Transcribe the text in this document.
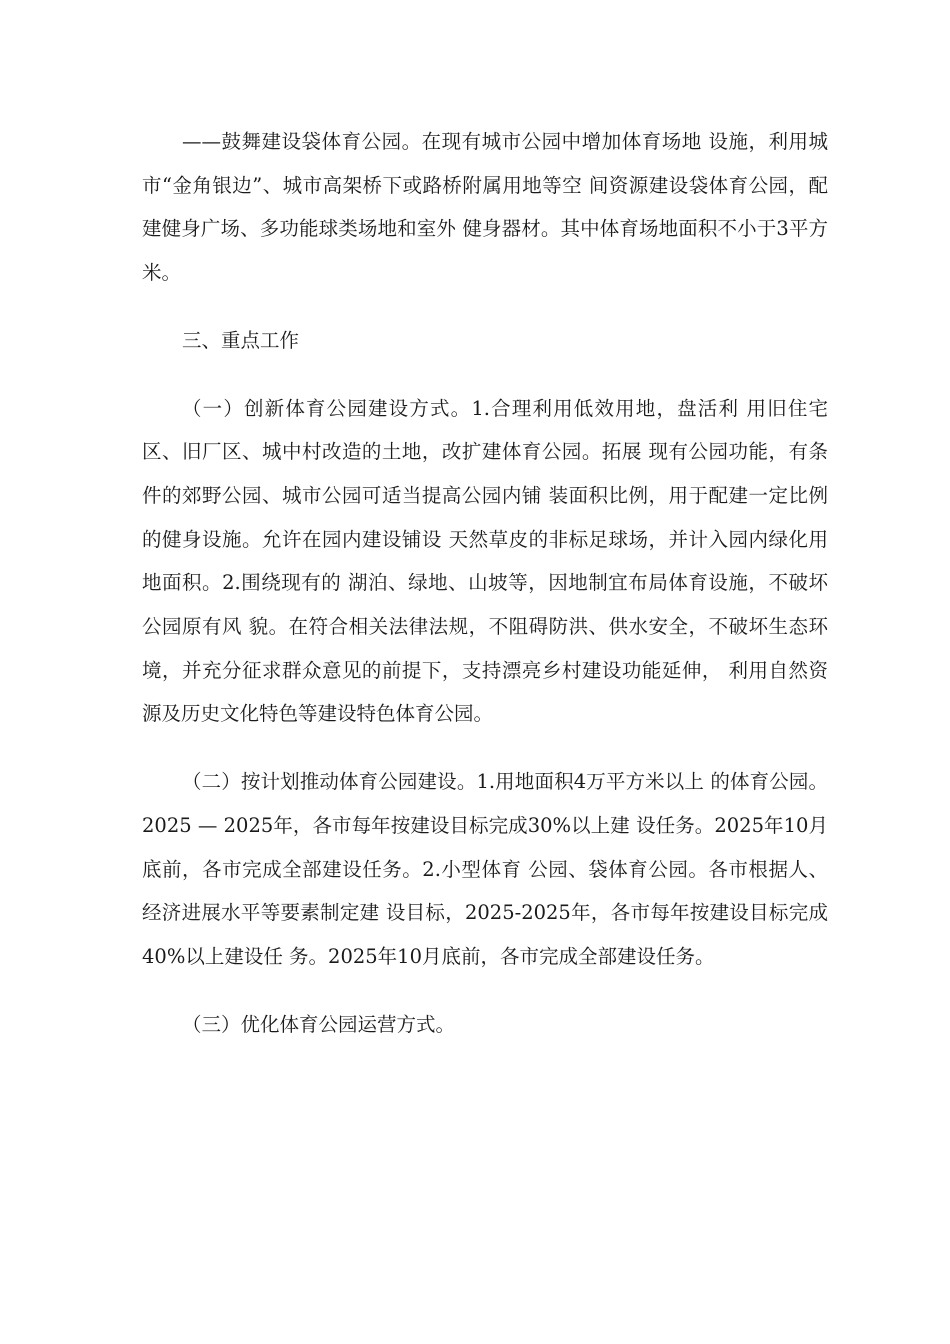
——鼓舞建设袋体育公园。在现有城市公园中增加体育场地 设施，利用城市“金角银边”、城市高架桥下或路桥附属用地等空 间资源建设袋体育公园，配建健身广场、多功能球类场地和室外 健身器材。其中体育场地面积不小于3平方米。

三、重点工作

（一）创新体育公园建设方式。1.合理利用低效用地，盘活利 用旧住宅区、旧厂区、城中村改造的土地，改扩建体育公园。拓展 现有公园功能，有条件的郊野公园、城市公园可适当提高公园内铺 装面积比例，用于配建一定比例的健身设施。允许在园内建设铺设 天然草皮的非标足球场，并计入园内绿化用地面积。2.围绕现有的 湖泊、绿地、山坡等，因地制宜布局体育设施，不破坏公园原有风 貌。在符合相关法律法规，不阻碍防洪、供水安全，不破坏生态环 境，并充分征求群众意见的前提下，支持漂亮乡村建设功能延伸， 利用自然资源及历史文化特色等建设特色体育公园。

（二）按计划推动体育公园建设。1.用地面积4万平方米以上 的体育公园。2025 — 2025年，各市每年按建设目标完成30%以上建 设任务。2025年10月底前，各市完成全部建设任务。2.小型体育 公园、袋体育公园。各市根据人、经济进展水平等要素制定建 设目标，2025-2025年，各市每年按建设目标完成40%以上建设任 务。2025年10月底前，各市完成全部建设任务。

（三）优化体育公园运营方式。
